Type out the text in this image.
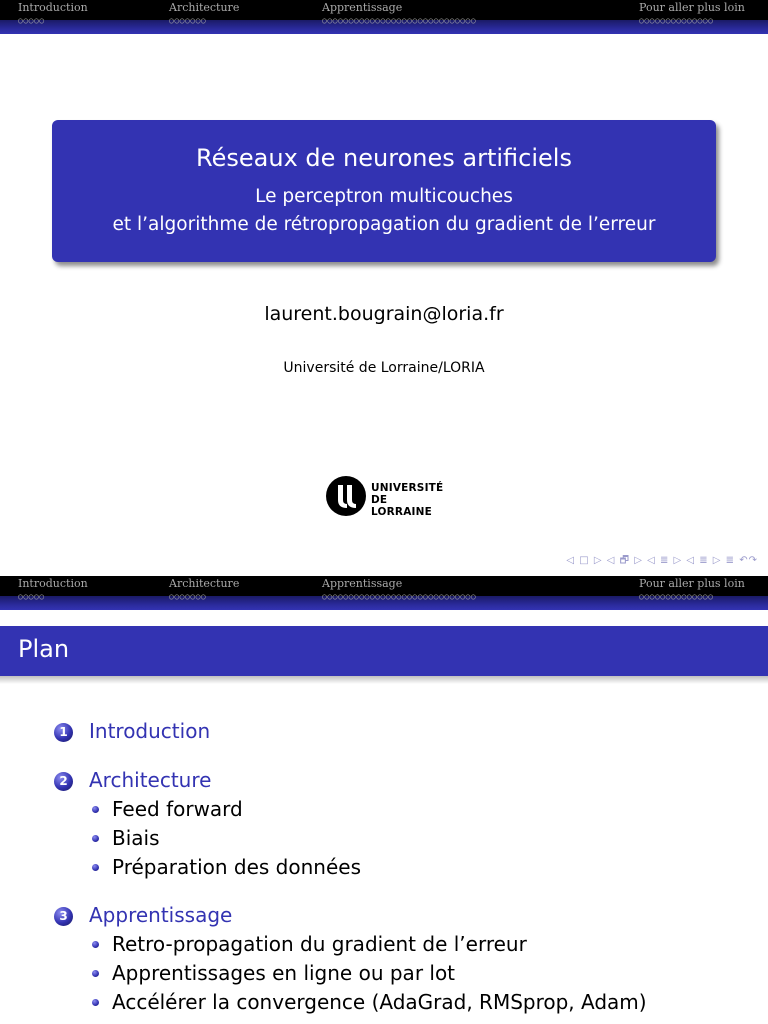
Introduction
○○○○○
Architecture
○○○○○○○
Apprentissage
○○○○○○○○○○○○○○○○○○○○○○○○○○○○○
Pour aller plus loin
○○○○○○○○○○○○○○
Réseaux de neurones artificiels
Le perceptron multicouches
et l’algorithme de rétropropagation du gradient de l’erreur
laurent.bougrain@loria.fr
Université de Lorraine/LORIA
UNIVERSITÉ
DE LORRAINE
◁ □ ▷ ◁ 🗗 ▷ ◁ ≣ ▷ ◁ ≣ ▷ ≣ ↶↷
Introduction
○○○○○
Architecture
○○○○○○○
Apprentissage
○○○○○○○○○○○○○○○○○○○○○○○○○○○○○
Pour aller plus loin
○○○○○○○○○○○○○○
Plan
1 Introduction
2 Architecture
Feed forward
Biais
Préparation des données
3 Apprentissage
Retro-propagation du gradient de l’erreur
Apprentissages en ligne ou par lot
Accélérer la convergence (AdaGrad, RMSprop, Adam)
